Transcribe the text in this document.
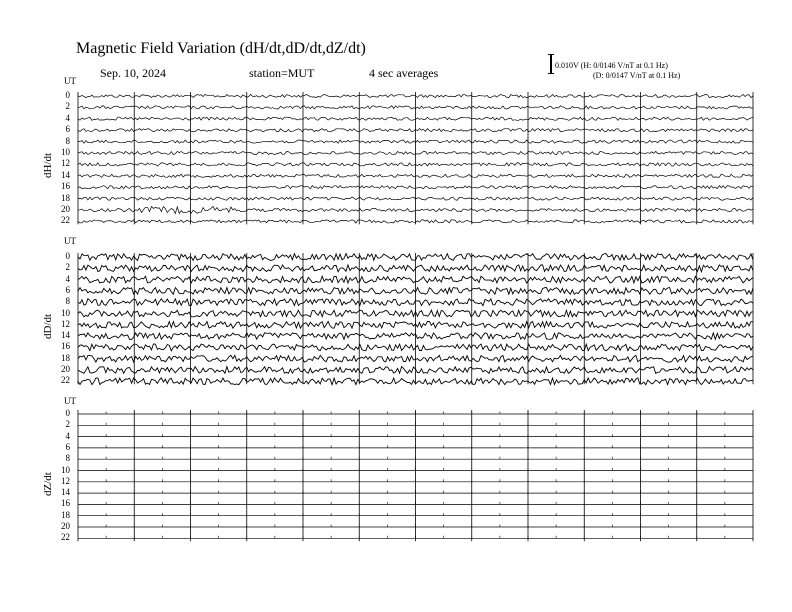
Magnetic Field Variation (dH/dt,dD/dt,dZ/dt)
Sep. 10, 2024	station=MUT	4 sec averages
0.010V (H: 0/0146 V/nT at 0.1 Hz)
(D: 0/0147 V/nT at 0.1 Hz)
UT
0
2
4
6
8
10
12
14
16
18
20
22
dH/dt
UT
0
2
4
6
8
10
12
14
16
18
20
22
dD/dt
UT
0
2
4
6
8
10
12
14
16
18
20
22
dZ/dt
